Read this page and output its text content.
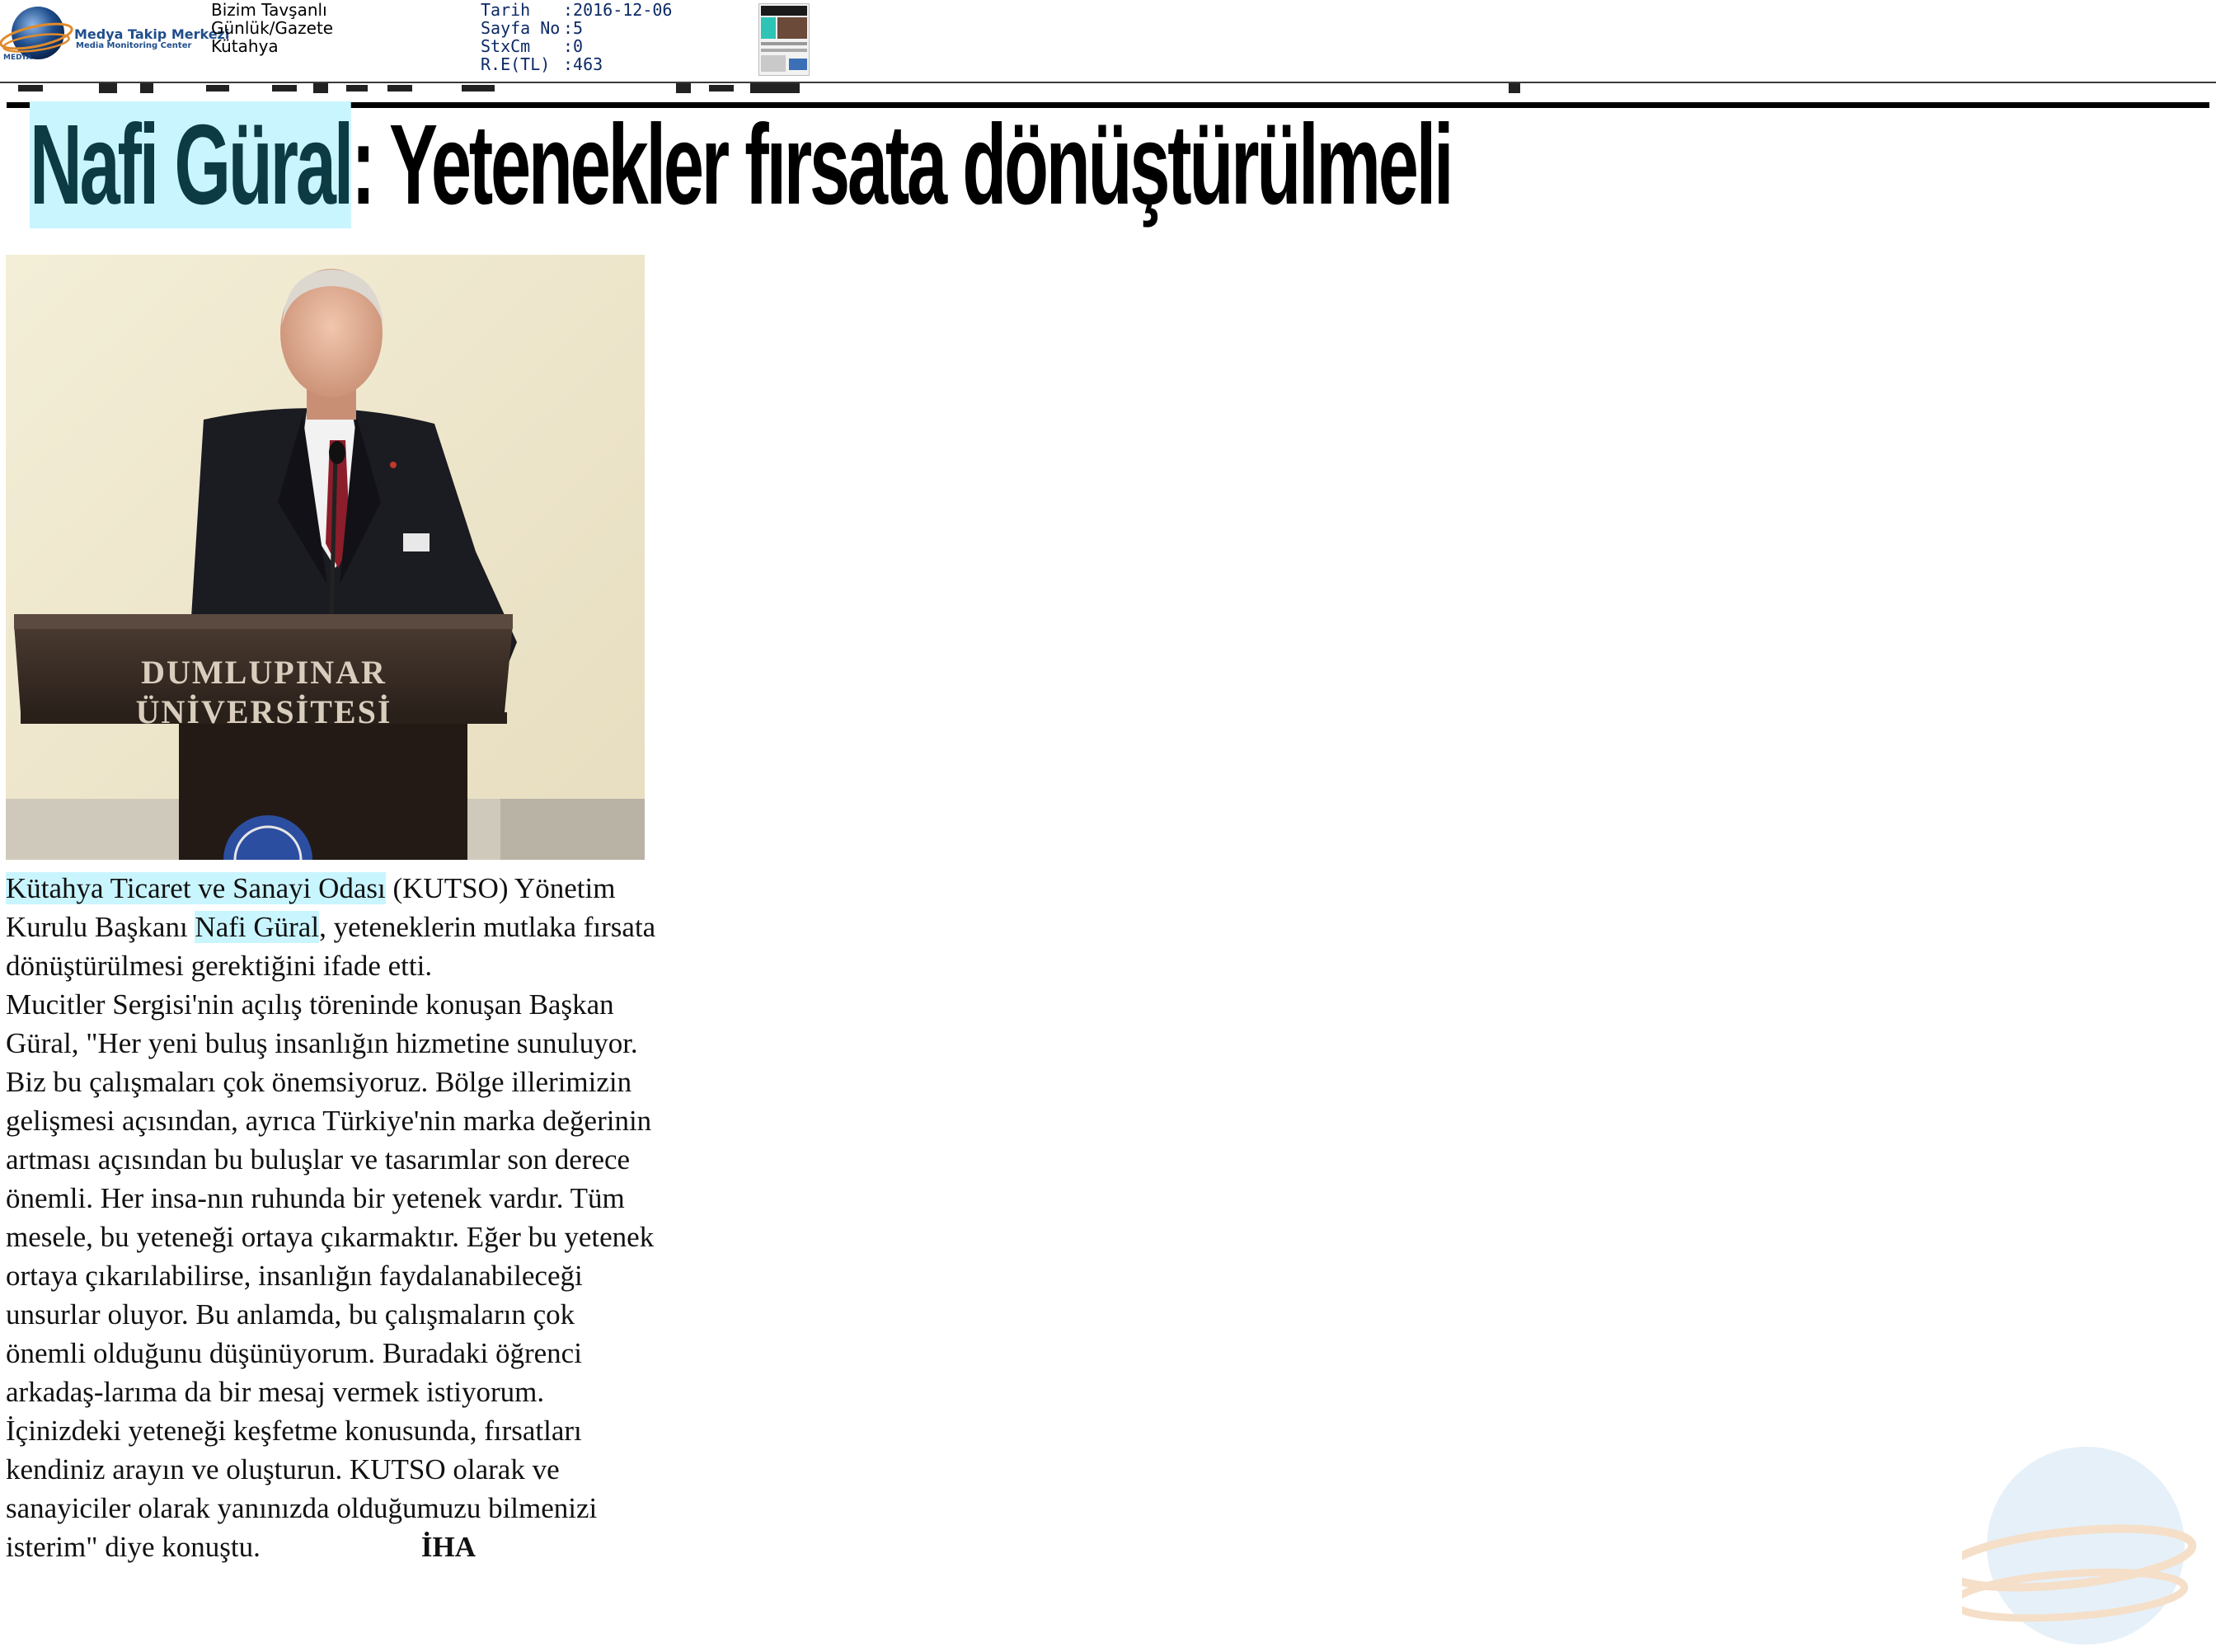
MEDYA
Medya Takip Merkezi
Media Monitoring Center
Bizim Tavşanlı
Günlük/Gazete
Kütahya
Tarih :2016-12-06
Sayfa No :5
StxCm :0
R.E(TL) :463
Nafi Güral: Yetenekler fırsata dönüştürülmeli
DUMLUPINAR
ÜNİVERSİTESİ

Kütahya Ticaret ve Sanayi Odası (KUTSO) Yönetim Kurulu Başkanı Nafi Güral, yeteneklerin mutlaka fırsata dönüştürülmesi gerektiğini ifade etti.

Mucitler Sergisi'nin açılış töreninde konuşan Başkan Güral, "Her yeni buluş insanlığın hizmetine sunuluyor. Biz bu çalışmaları çok önemsiyoruz. Bölge illerimizin gelişmesi açısından, ayrıca Türkiye'nin marka değerinin artması açısından bu buluşlar ve tasarımlar son derece önemli. Her insa-nın ruhunda bir yetenek vardır. Tüm mesele, bu yeteneği ortaya çıkarmaktır. Eğer bu yetenek ortaya çıkarılabilirse, insanlığın faydalanabileceği unsurlar oluyor. Bu anlamda, bu çalışmaların çok önemli olduğunu düşünüyorum. Buradaki öğrenci arkadaş-larıma da bir mesaj vermek istiyorum. İçinizdeki yeteneği keşfetme konusunda, fırsatları kendiniz arayın ve oluşturun. KUTSO olarak ve sanayiciler olarak yanınızda olduğumuzu bilmenizi isterim" diye konuştu.	İHA
